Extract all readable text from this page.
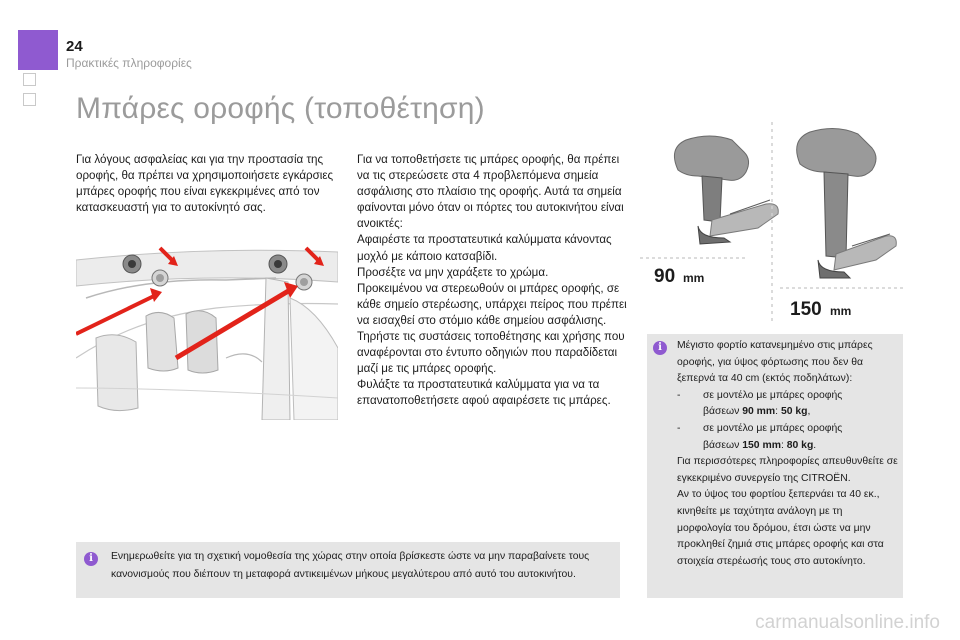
24
Πρακτικές πληροφορίες
Μπάρες οροφής (τοποθέτηση)
Για λόγους ασφαλείας και για την προστασία της οροφής, θα πρέπει να χρησιμοποιήσετε εγκάρσιες μπάρες οροφής που είναι εγκεκριμένες από τον κατασκευαστή για το αυτοκίνητό σας.

Για να τοποθετήσετε τις μπάρες οροφής, θα πρέπει να τις στερεώσετε στα 4 προβλεπόμενα σημεία ασφάλισης στο πλαίσιο της οροφής. Αυτά τα σημεία φαίνονται μόνο όταν οι πόρτες του αυτοκινήτου είναι ανοικτές:

Αφαιρέστε τα προστατευτικά καλύμματα κάνοντας μοχλό με κάποιο κατσαβίδι.

Προσέξτε να μην χαράξετε το χρώμα.

Προκειμένου να στερεωθούν οι μπάρες οροφής, σε κάθε σημείο στερέωσης, υπάρχει πείρος που πρέπει να εισαχθεί στο στόμιο κάθε σημείου ασφάλισης.

Τηρήστε τις συστάσεις τοποθέτησης και χρήσης που αναφέρονται στο έντυπο οδηγιών που παραδίδεται μαζί με τις μπάρες οροφής.

Φυλάξτε τα προστατευτικά καλύμματα για να τα επανατοποθετήσετε αφού αφαιρέσετε τις μπάρες.

90 mm
150 mm
i	Μέγιστο φορτίο κατανεμημένο στις μπάρες οροφής, για ύψος φόρτωσης που δεν θα ξεπερνά τα 40 cm (εκτός ποδηλάτων):
-	σε μοντέλο με μπάρες οροφής
βάσεων 90 mm: 50 kg,
-	σε μοντέλο με μπάρες οροφής
βάσεων 150 mm: 80 kg.
Για περισσότερες πληροφορίες απευθυνθείτε σε εγκεκριμένο συνεργείο της CITROËN.
Αν το ύψος του φορτίου ξεπερνάει τα 40 εκ., κινηθείτε με ταχύτητα ανάλογη με τη μορφολογία του δρόμου, έτσι ώστε να μην προκληθεί ζημιά στις μπάρες οροφής και στα στοιχεία στερέωσής τους στο αυτοκίνητο.
i	Ενημερωθείτε για τη σχετική νομοθεσία της χώρας στην οποία βρίσκεστε ώστε να μην παραβαίνετε τους κανονισμούς που διέπουν τη μεταφορά αντικειμένων μήκους μεγαλύτερου από αυτό του αυτοκινήτου.
carmanualsonline.info
